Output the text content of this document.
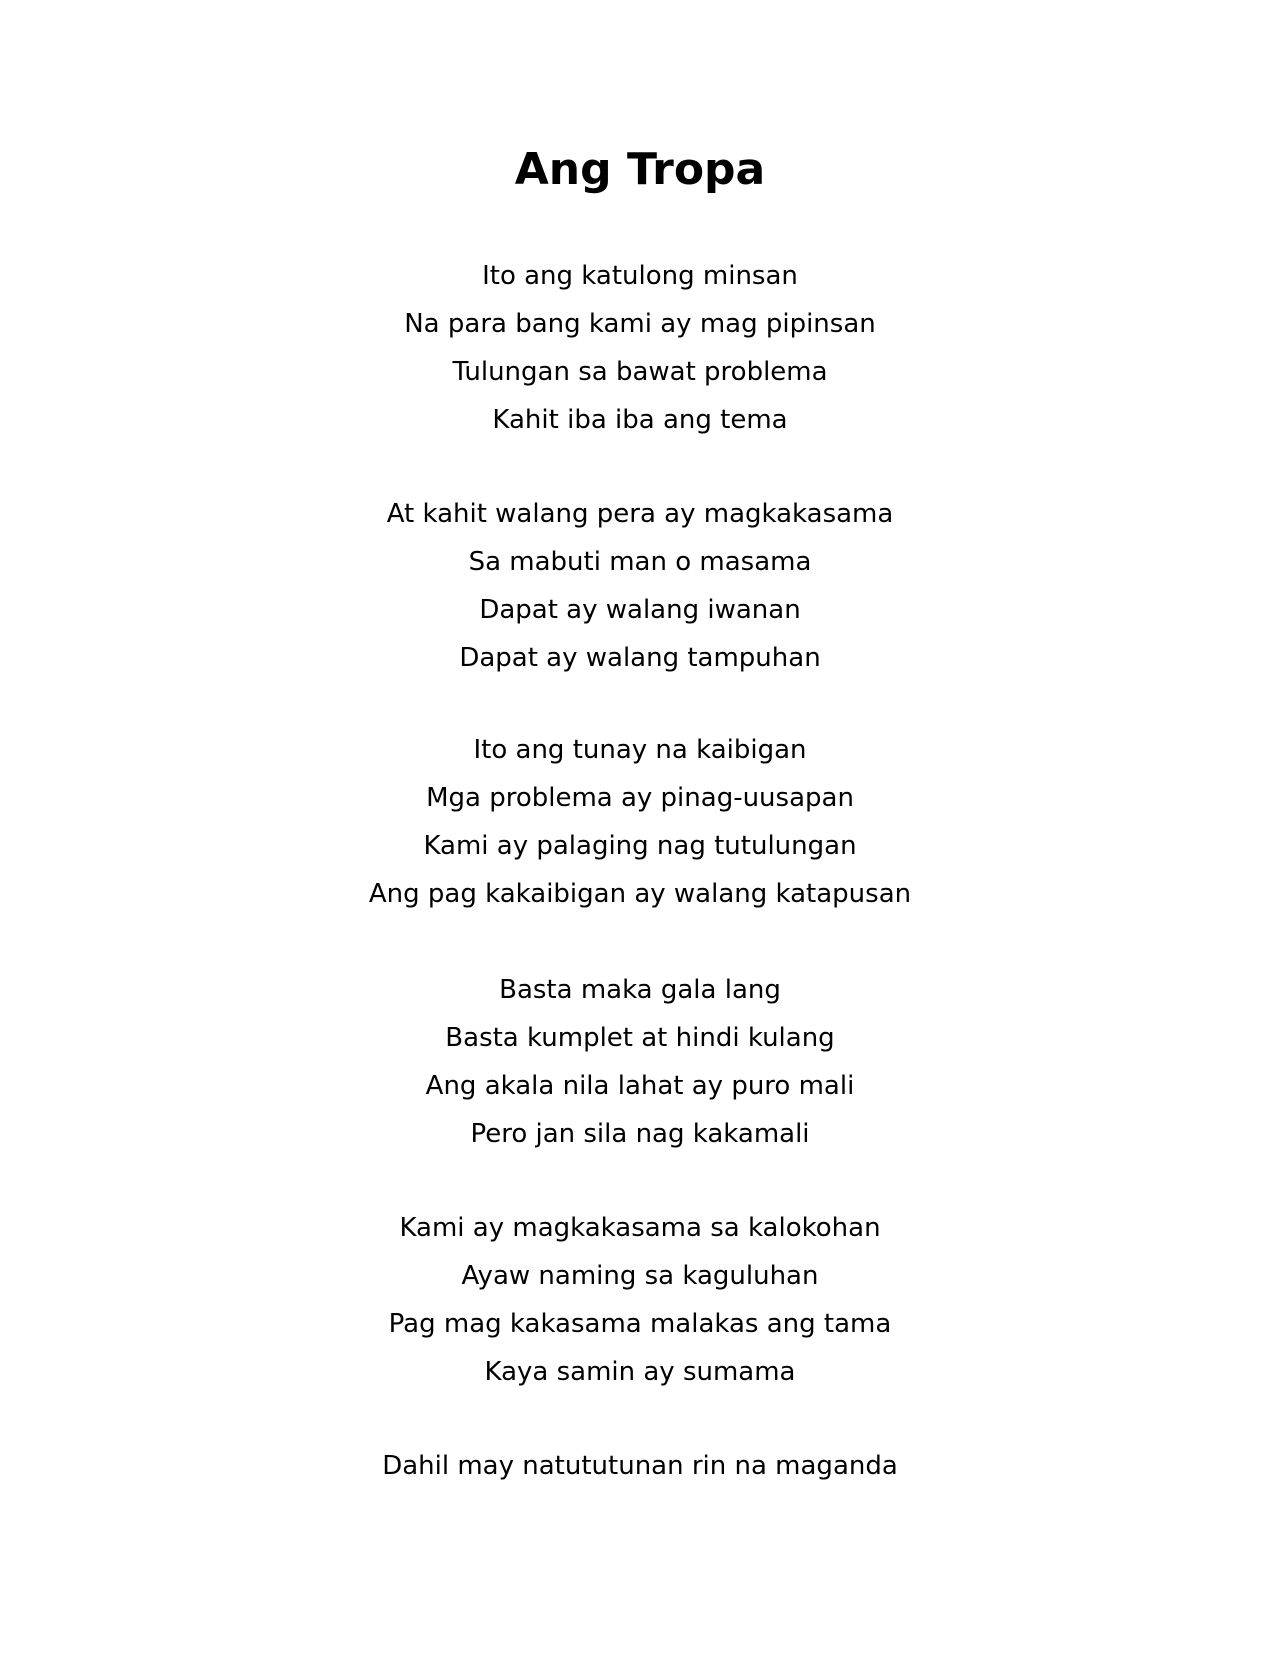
Ang Tropa
Ito ang katulong minsan
Na para bang kami ay mag pipinsan
Tulungan sa bawat problema
Kahit iba iba ang tema
At kahit walang pera ay magkakasama
Sa mabuti man o masama
Dapat ay walang iwanan
Dapat ay walang tampuhan
Ito ang tunay na kaibigan
Mga problema ay pinag-uusapan
Kami ay palaging nag tutulungan
Ang pag kakaibigan ay walang katapusan
Basta maka gala lang
Basta kumplet at hindi kulang
Ang akala nila lahat ay puro mali
Pero jan sila nag kakamali
Kami ay magkakasama sa kalokohan
Ayaw naming sa kaguluhan
Pag mag kakasama malakas ang tama
Kaya samin ay sumama
Dahil may natututunan rin na maganda
